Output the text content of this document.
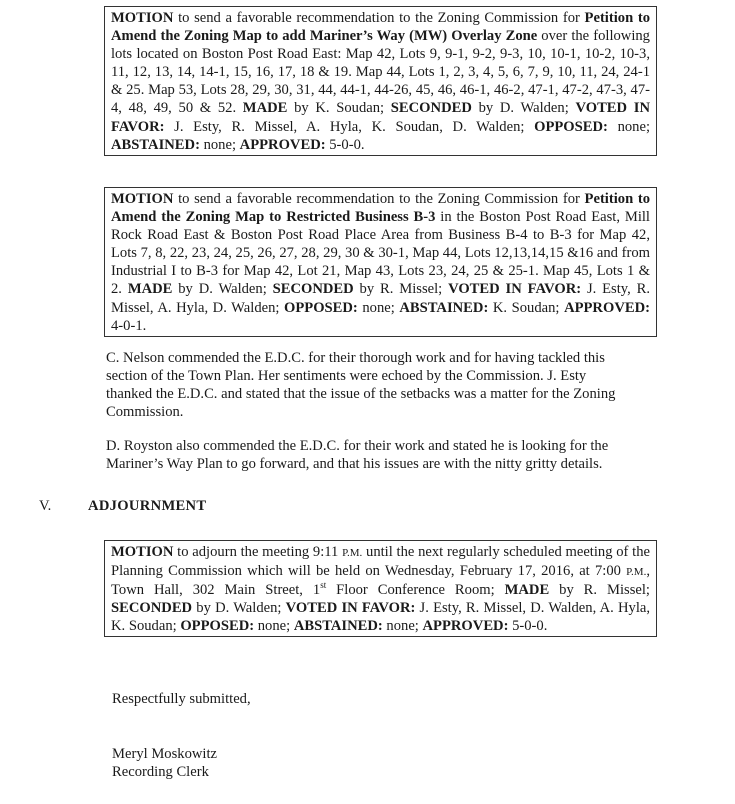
MOTION to send a favorable recommendation to the Zoning Commission for Petition to Amend the Zoning Map to add Mariner’s Way (MW) Overlay Zone over the following lots located on Boston Post Road East: Map 42, Lots 9, 9-1, 9-2, 9-3, 10, 10-1, 10-2, 10-3, 11, 12, 13, 14, 14-1, 15, 16, 17, 18 & 19. Map 44, Lots 1, 2, 3, 4, 5, 6, 7, 9, 10, 11, 24, 24-1 & 25. Map 53, Lots 28, 29, 30, 31, 44, 44-1, 44-26, 45, 46, 46-1, 46-2, 47-1, 47-2, 47-3, 47-4, 48, 49, 50 & 52. MADE by K. Soudan; SECONDED by D. Walden; VOTED IN FAVOR: J. Esty, R. Missel, A. Hyla, K. Soudan, D. Walden; OPPOSED: none; ABSTAINED: none; APPROVED: 5-0-0.
MOTION to send a favorable recommendation to the Zoning Commission for Petition to Amend the Zoning Map to Restricted Business B-3 in the Boston Post Road East, Mill Rock Road East & Boston Post Road Place Area from Business B-4 to B-3 for Map 42, Lots 7, 8, 22, 23, 24, 25, 26, 27, 28, 29, 30 & 30-1, Map 44, Lots 12,13,14,15 &16 and from Industrial I to B-3 for Map 42, Lot 21, Map 43, Lots 23, 24, 25 & 25-1. Map 45, Lots 1 & 2. MADE by D. Walden; SECONDED by R. Missel; VOTED IN FAVOR: J. Esty, R. Missel, A. Hyla, D. Walden; OPPOSED: none; ABSTAINED: K. Soudan; APPROVED: 4-0-1.
C. Nelson commended the E.D.C. for their thorough work and for having tackled this section of the Town Plan. Her sentiments were echoed by the Commission. J. Esty thanked the E.D.C. and stated that the issue of the setbacks was a matter for the Zoning Commission.
D. Royston also commended the E.D.C. for their work and stated he is looking for the Mariner’s Way Plan to go forward, and that his issues are with the nitty gritty details.
V.	ADJOURNMENT
MOTION to adjourn the meeting 9:11 P.M. until the next regularly scheduled meeting of the Planning Commission which will be held on Wednesday, February 17, 2016, at 7:00 P.M., Town Hall, 302 Main Street, 1st Floor Conference Room; MADE by R. Missel; SECONDED by D. Walden; VOTED IN FAVOR: J. Esty, R. Missel, D. Walden, A. Hyla, K. Soudan; OPPOSED: none; ABSTAINED: none; APPROVED: 5-0-0.
Respectfully submitted,
Meryl Moskowitz
Recording Clerk
